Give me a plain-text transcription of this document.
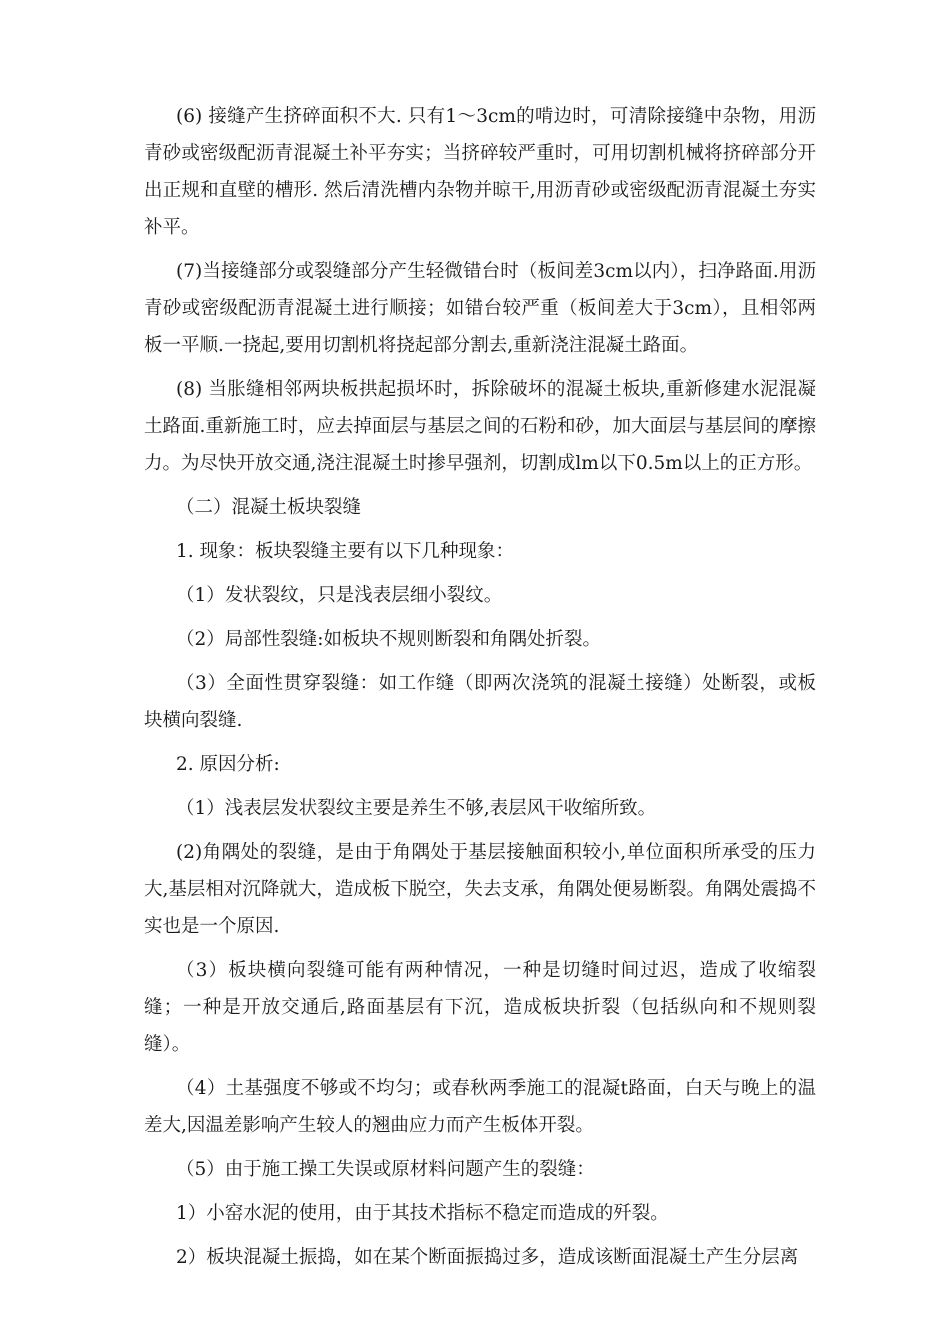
(6) 接缝产生挤碎面积不大. 只有1～3cm的啃边时，可清除接缝中杂物，用沥青砂或密级配沥青混凝土补平夯实；当挤碎较严重时，可用切割机械将挤碎部分开出正规和直壁的槽形. 然后清洗槽内杂物并晾干,用沥青砂或密级配沥青混凝土夯实补平。

(7)当接缝部分或裂缝部分产生轻微错台时（板间差3cm以内），扫净路面.用沥青砂或密级配沥青混凝土进行顺接；如错台较严重（板间差大于3cm），且相邻两板一平顺.一挠起,要用切割机将挠起部分割去,重新浇注混凝土路面。

(8) 当胀缝相邻两块板拱起损坏时，拆除破坏的混凝土板块,重新修建水泥混凝土路面.重新施工时，应去掉面层与基层之间的石粉和砂，加大面层与基层间的摩擦力。为尽快开放交通,浇注混凝土时掺早强剂，切割成lm以下0.5m以上的正方形。

（二）混凝土板块裂缝

1. 现象：板块裂缝主要有以下几种现象：

（1）发状裂纹，只是浅表层细小裂纹。

（2）局部性裂缝:如板块不规则断裂和角隅处折裂。

（3）全面性贯穿裂缝：如工作缝（即两次浇筑的混凝土接缝）处断裂，或板块横向裂缝.

2. 原因分析:

（1）浅表层发状裂纹主要是养生不够,表层风干收缩所致。

(2)角隅处的裂缝，是由于角隅处于基层接触面积较小,单位面积所承受的压力大,基层相对沉降就大，造成板下脱空，失去支承，角隅处便易断裂。角隅处震捣不实也是一个原因.

（3）板块横向裂缝可能有两种情况，一种是切缝时间过迟，造成了收缩裂缝；一种是开放交通后,路面基层有下沉，造成板块折裂（包括纵向和不规则裂缝）。

（4）土基强度不够或不均匀；或春秋两季施工的混凝t路面，白天与晚上的温差大,因温差影响产生较人的翘曲应力而产生板体开裂。

（5）由于施工操工失误或原材料问题产生的裂缝：

1）小窑水泥的使用，由于其技术指标不稳定而造成的歼裂。

2）板块混凝土振捣，如在某个断面振捣过多，造成该断面混凝土产生分层离
